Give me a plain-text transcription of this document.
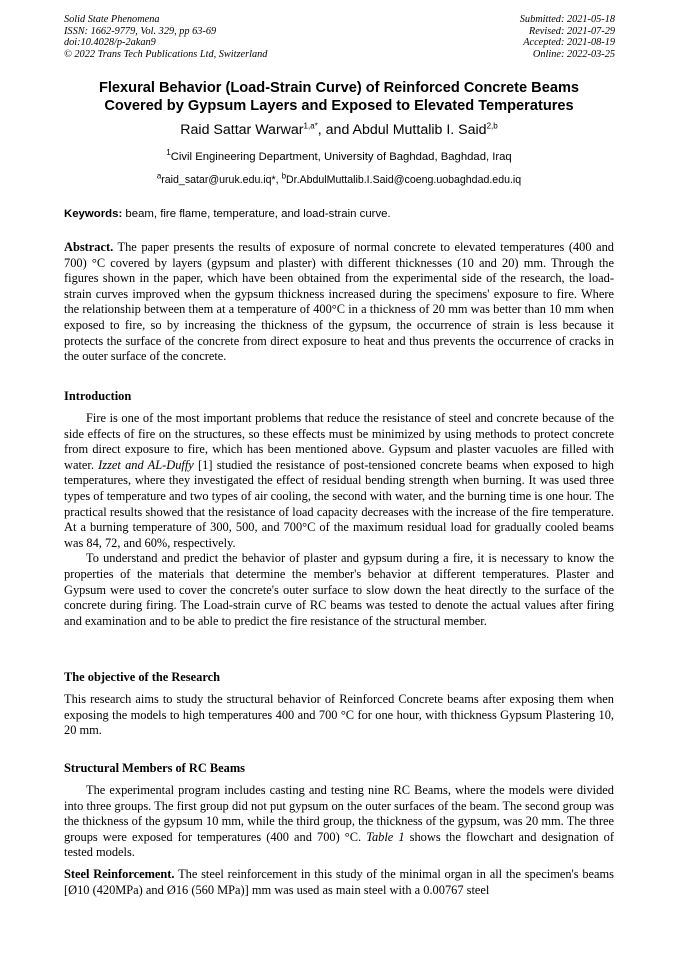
Solid State Phenomena
ISSN: 1662-9779, Vol. 329, pp 63-69
doi:10.4028/p-2akan9
© 2022 Trans Tech Publications Ltd, Switzerland
Submitted: 2021-05-18
Revised: 2021-07-29
Accepted: 2021-08-19
Online: 2022-03-25
Flexural Behavior (Load-Strain Curve) of Reinforced Concrete Beams
Covered by Gypsum Layers and Exposed to Elevated Temperatures
Raid Sattar Warwar$^{1,a*}$, and Abdul Muttalib I. Said$^{2,b}$
$^1$Civil Engineering Department, University of Baghdad, Baghdad, Iraq
$^a$raid_satar@uruk.edu.iq*, $^b$Dr.AbdulMuttalib.I.Said@coeng.uobaghdad.edu.iq
Keywords: beam, fire flame, temperature, and load-strain curve.

Abstract. The paper presents the results of exposure of normal concrete to elevated temperatures (400 and 700) °C covered by layers (gypsum and plaster) with different thicknesses (10 and 20) mm. Through the figures shown in the paper, which have been obtained from the experimental side of the research, the load-strain curves improved when the gypsum thickness increased during the specimens' exposure to fire. Where the relationship between them at a temperature of 400°C in a thickness of 20 mm was better than 10 mm when exposed to fire, so by increasing the thickness of the gypsum, the occurrence of strain is less because it protects the surface of the concrete from direct exposure to heat and thus prevents the occurrence of cracks in the outer surface of the concrete.

Introduction

Fire is one of the most important problems that reduce the resistance of steel and concrete because of the side effects of fire on the structures, so these effects must be minimized by using methods to protect concrete from direct exposure to fire, which has been mentioned above. Gypsum and plaster vacuoles are filled with water. Izzet and AL-Duffy [1] studied the resistance of post-tensioned concrete beams when exposed to high temperatures, where they investigated the effect of residual bending strength when burning. It was used three types of temperature and two types of air cooling, the second with water, and the burning time is one hour. The practical results showed that the resistance of load capacity decreases with the increase of the fire temperature. At a burning temperature of 300, 500, and 700°C of the maximum residual load for gradually cooled beams was 84, 72, and 60%, respectively.

To understand and predict the behavior of plaster and gypsum during a fire, it is necessary to know the properties of the materials that determine the member's behavior at different temperatures. Plaster and Gypsum were used to cover the concrete's outer surface to slow down the heat directly to the surface of the concrete during firing. The Load-strain curve of RC beams was tested to denote the actual values after firing and examination and to be able to predict the fire resistance of the structural member.

The objective of the Research

This research aims to study the structural behavior of Reinforced Concrete beams after exposing them when exposing the models to high temperatures 400 and 700 °C for one hour, with thickness Gypsum Plastering 10, 20 mm.

Structural Members of RC Beams

The experimental program includes casting and testing nine RC Beams, where the models were divided into three groups. The first group did not put gypsum on the outer surfaces of the beam. The second group was the thickness of the gypsum 10 mm, while the third group, the thickness of the gypsum, was 20 mm. The three groups were exposed for temperatures (400 and 700) °C. Table 1 shows the flowchart and designation of tested models.

Steel Reinforcement. The steel reinforcement in this study of the minimal organ in all the specimen's beams [Ø10 (420MPa) and Ø16 (560 MPa)] mm was used as main steel with a 0.00767 steel
